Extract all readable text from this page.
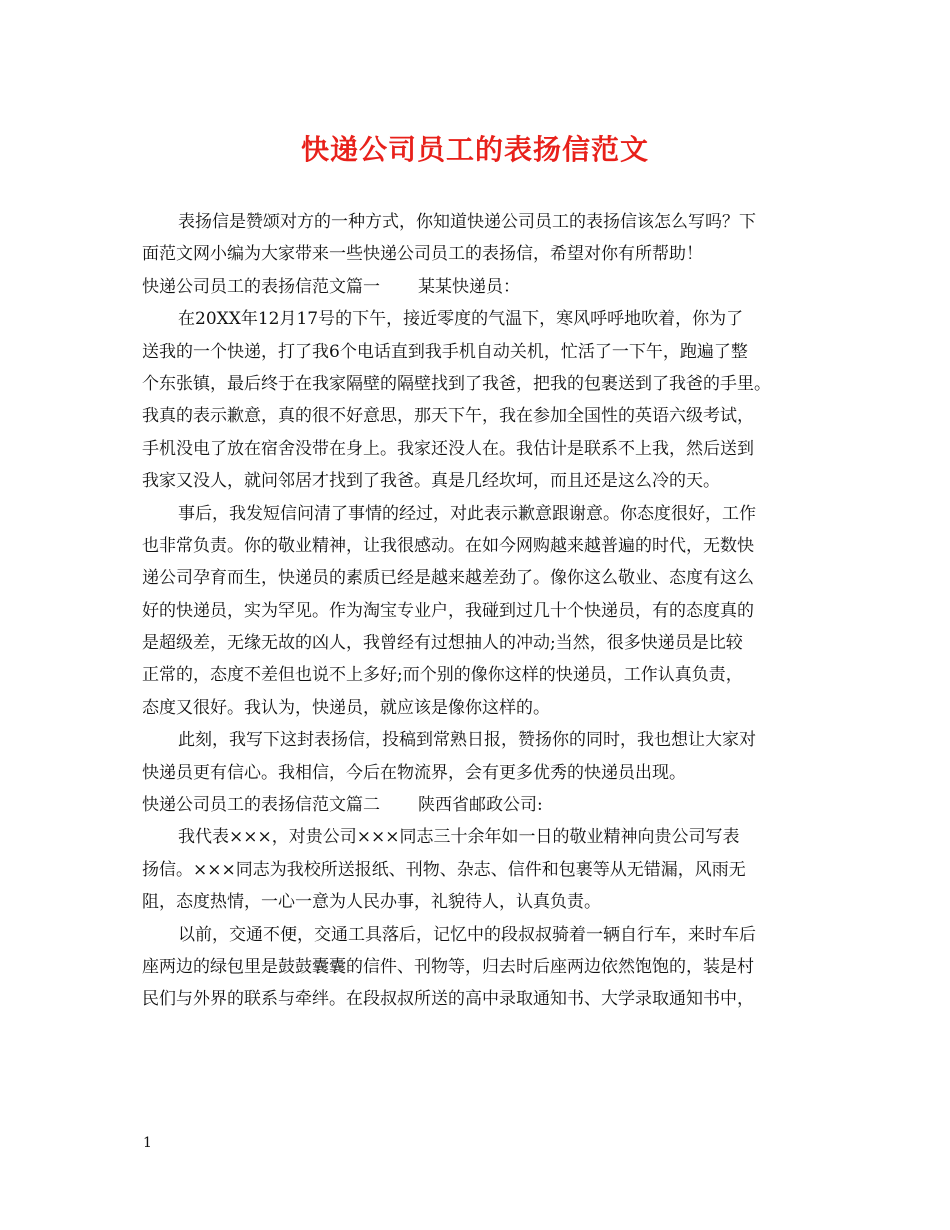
快递公司员工的表扬信范文
表扬信是赞颂对方的一种方式，你知道快递公司员工的表扬信该怎么写吗？下
面范文网小编为大家带来一些快递公司员工的表扬信，希望对你有所帮助！
快递公司员工的表扬信范文篇一 某某快递员：
在20XX年12月17号的下午，接近零度的气温下，寒风呼呼地吹着，你为了
送我的一个快递，打了我6个电话直到我手机自动关机，忙活了一下午，跑遍了整
个东张镇，最后终于在我家隔壁的隔壁找到了我爸，把我的包裹送到了我爸的手里。
我真的表示歉意，真的很不好意思，那天下午，我在参加全国性的英语六级考试，
手机没电了放在宿舍没带在身上。我家还没人在。我估计是联系不上我，然后送到
我家又没人，就问邻居才找到了我爸。真是几经坎坷，而且还是这么冷的天。
事后，我发短信问清了事情的经过，对此表示歉意跟谢意。你态度很好，工作
也非常负责。你的敬业精神，让我很感动。在如今网购越来越普遍的时代，无数快
递公司孕育而生，快递员的素质已经是越来越差劲了。像你这么敬业、态度有这么
好的快递员，实为罕见。作为淘宝专业户，我碰到过几十个快递员，有的态度真的
是超级差，无缘无故的凶人，我曾经有过想抽人的冲动;当然，很多快递员是比较
正常的，态度不差但也说不上多好;而个别的像你这样的快递员，工作认真负责，
态度又很好。我认为，快递员，就应该是像你这样的。
此刻，我写下这封表扬信，投稿到常熟日报，赞扬你的同时，我也想让大家对
快递员更有信心。我相信，今后在物流界，会有更多优秀的快递员出现。
快递公司员工的表扬信范文篇二 陕西省邮政公司:
我代表×××，对贵公司×××同志三十余年如一日的敬业精神向贵公司写表
扬信。×××同志为我校所送报纸、刊物、杂志、信件和包裹等从无错漏，风雨无
阻，态度热情，一心一意为人民办事，礼貌待人，认真负责。
以前，交通不便，交通工具落后，记忆中的段叔叔骑着一辆自行车，来时车后
座两边的绿包里是鼓鼓囊囊的信件、刊物等，归去时后座两边依然饱饱的，装是村
民们与外界的联系与牵绊。在段叔叔所送的高中录取通知书、大学录取通知书中，
1
